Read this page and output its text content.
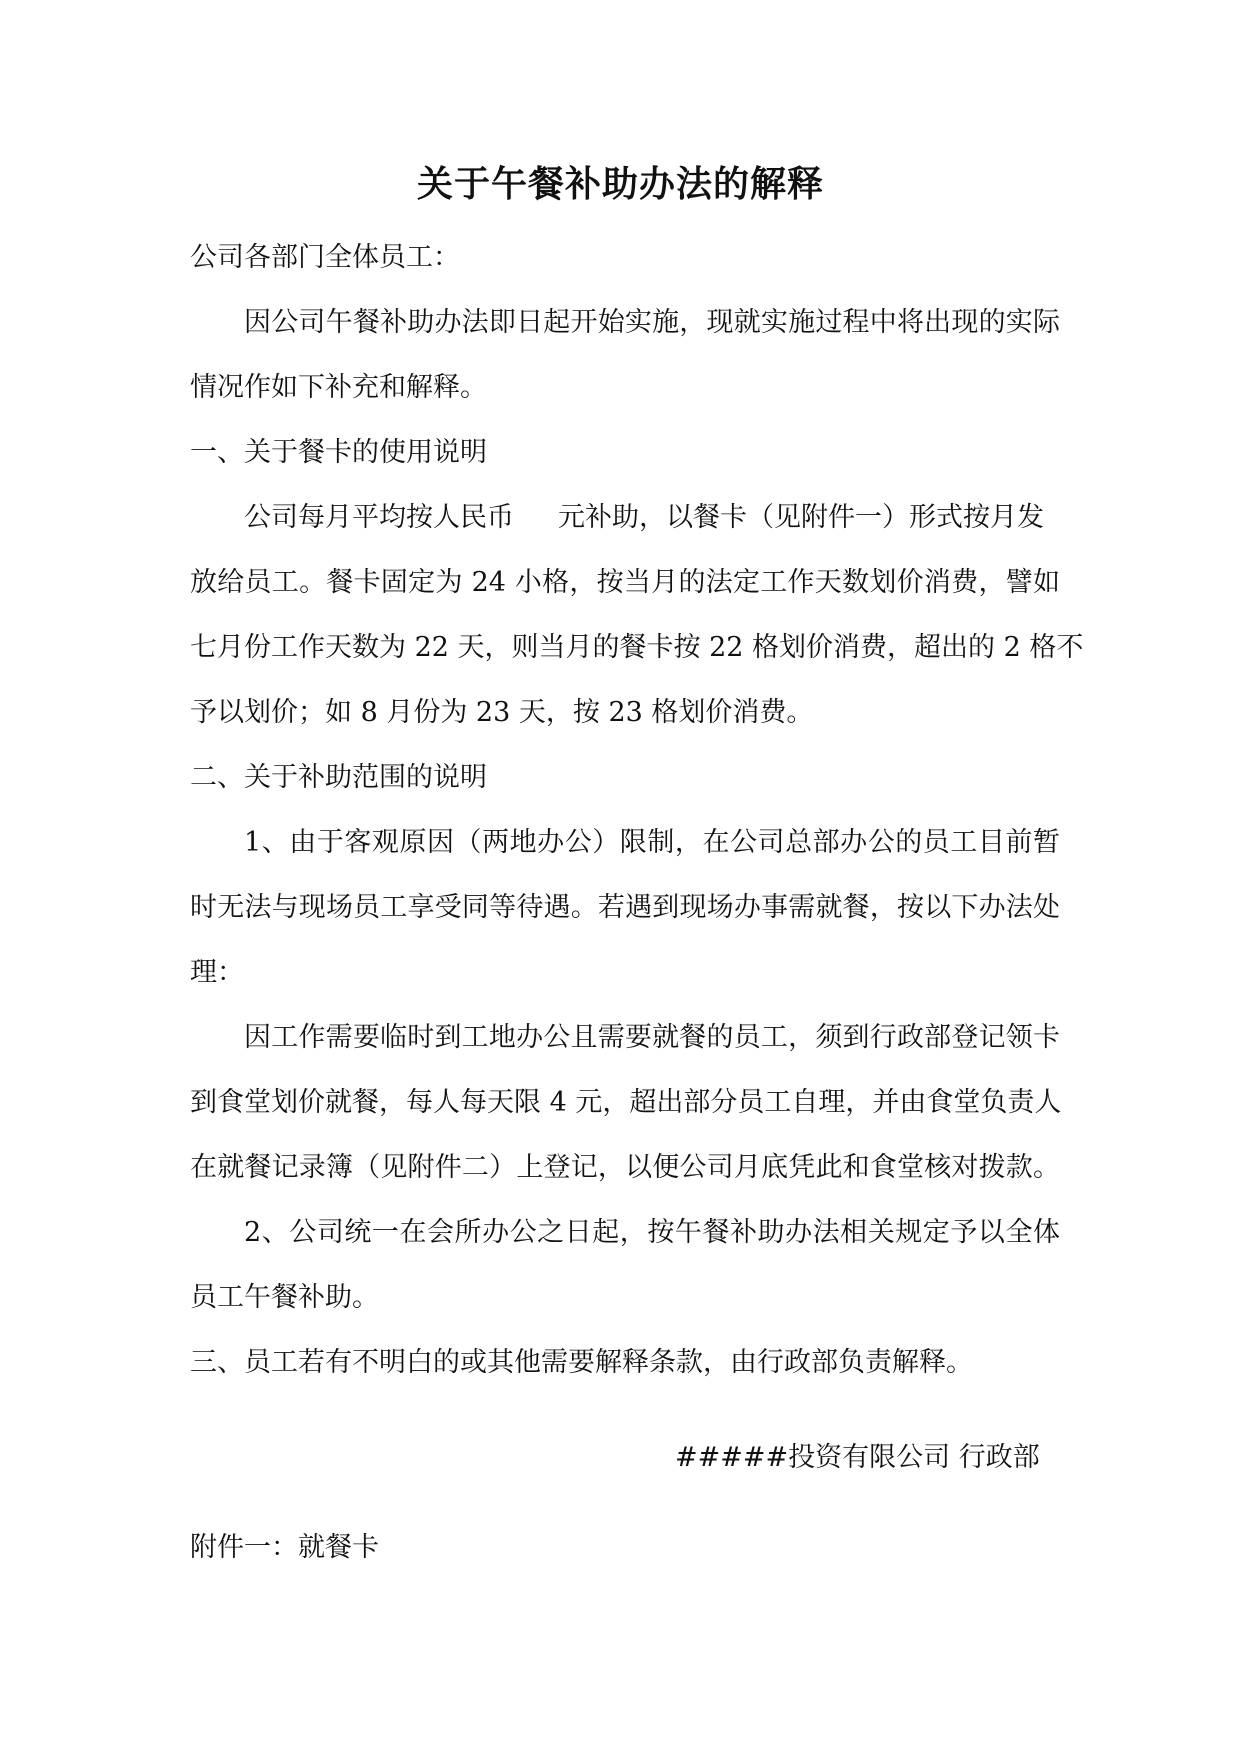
关于午餐补助办法的解释
公司各部门全体员工：
因公司午餐补助办法即日起开始实施，现就实施过程中将出现的实际
情况作如下补充和解释。
一、关于餐卡的使用说明
公司每月平均按人民币 元补助，以餐卡（见附件一）形式按月发
放给员工。餐卡固定为 24 小格，按当月的法定工作天数划价消费，譬如
七月份工作天数为 22 天，则当月的餐卡按 22 格划价消费，超出的 2 格不
予以划价；如 8 月份为 23 天，按 23 格划价消费。
二、关于补助范围的说明
1、由于客观原因（两地办公）限制，在公司总部办公的员工目前暂
时无法与现场员工享受同等待遇。若遇到现场办事需就餐，按以下办法处
理：
因工作需要临时到工地办公且需要就餐的员工，须到行政部登记领卡
到食堂划价就餐，每人每天限 4 元，超出部分员工自理，并由食堂负责人
在就餐记录簿（见附件二）上登记，以便公司月底凭此和食堂核对拨款。
2、公司统一在会所办公之日起，按午餐补助办法相关规定予以全体
员工午餐补助。
三、员工若有不明白的或其他需要解释条款，由行政部负责解释。
#####投资有限公司 行政部
附件一：就餐卡
